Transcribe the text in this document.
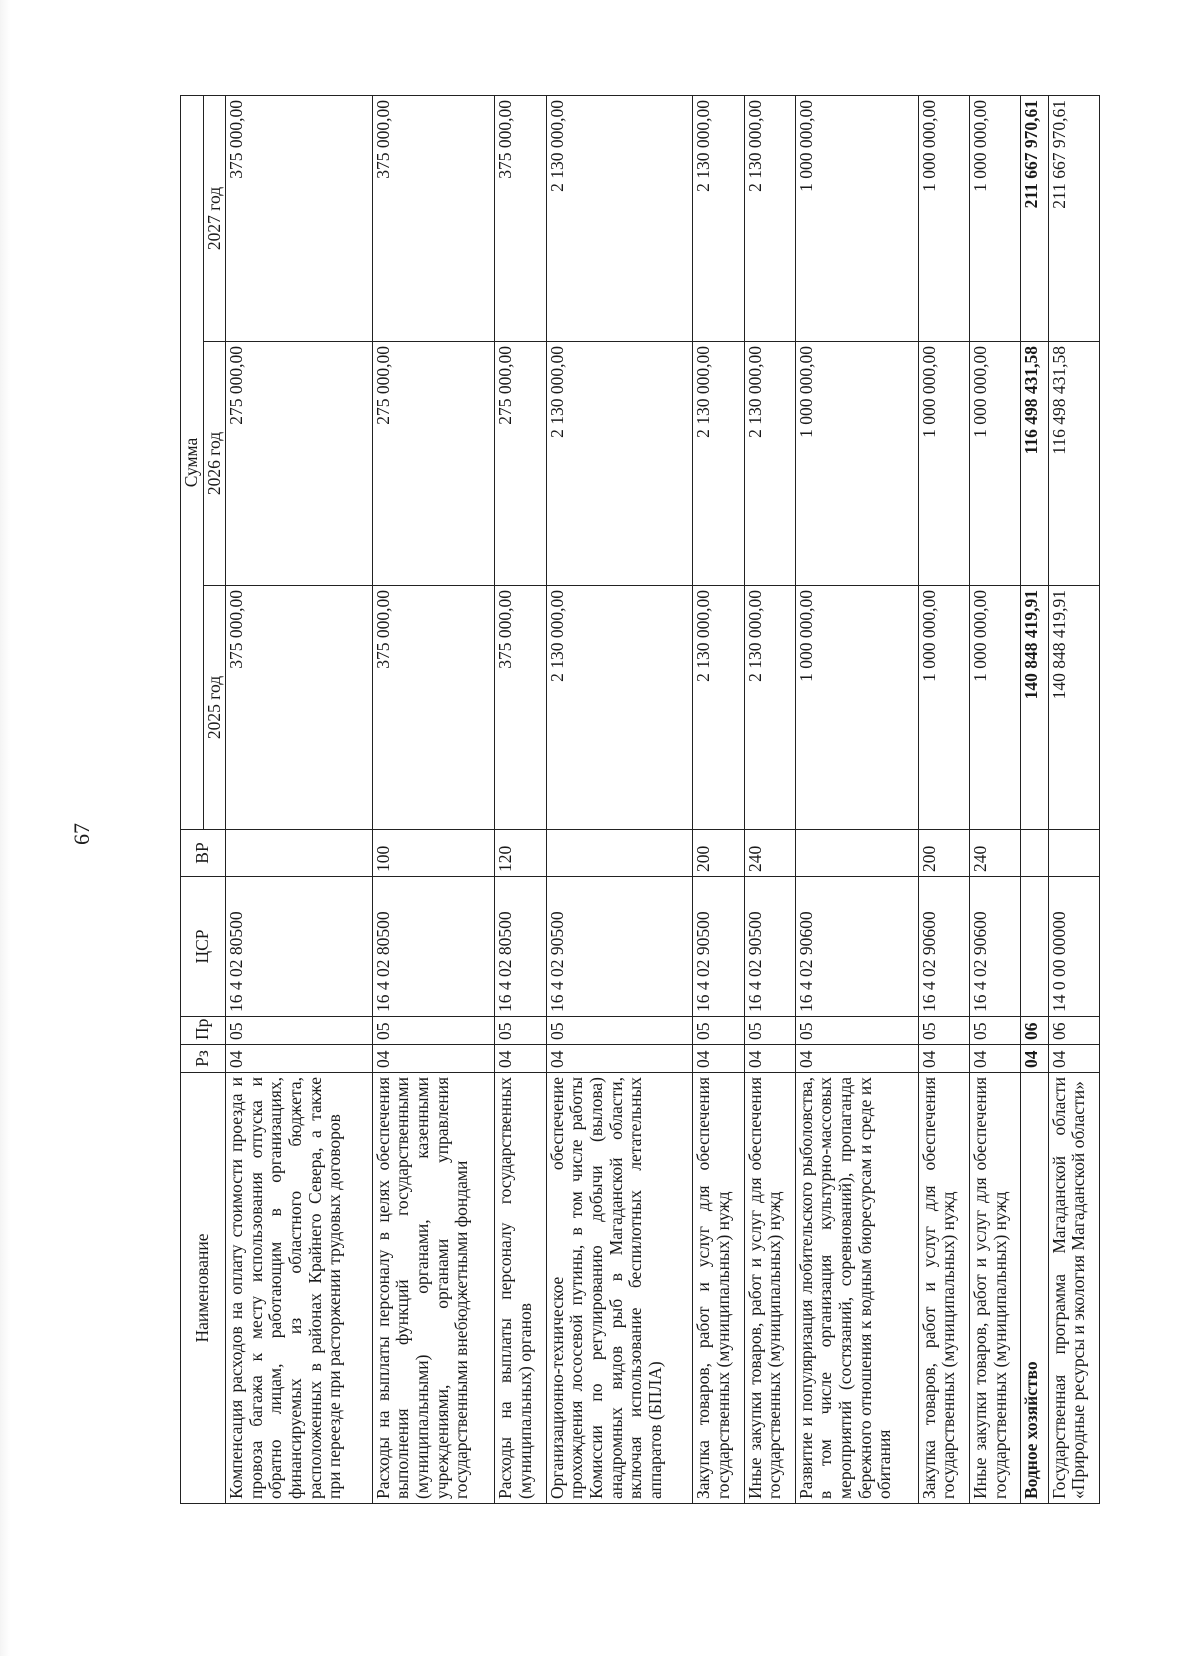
67
Наименование	Рз	Пр	ЦСР	ВР	Сумма		
					2025 год	2026 год	2027 год
Компенсация расходов на оплату стоимости проезда и провоза багажа к месту использования отпуска и обратно лицам, работающим в организациях, финансируемых из областного бюджета, расположенных в районах Крайнего Севера, а также при переезде при расторжении трудовых договоров	04	05	16 4 02 80500		375 000,00	275 000,00	375 000,00
Расходы на выплаты персоналу в целях обеспечения выполнения функций государственными (муниципальными) органами, казенными учреждениями, органами управления государственными внебюджетными фондами	04	05	16 4 02 80500	100	375 000,00	275 000,00	375 000,00
Расходы на выплаты персоналу государственных (муниципальных) органов	04	05	16 4 02 80500	120	375 000,00	275 000,00	375 000,00
Организационно-техническое обеспечение прохождения лососевой путины, в том числе работы Комиссии по регулированию добычи (вылова) анадромных видов рыб в Магаданской области, включая использование беспилотных летательных аппаратов (БПЛА)	04	05	16 4 02 90500		2 130 000,00	2 130 000,00	2 130 000,00
Закупка товаров, работ и услуг для обеспечения государственных (муниципальных) нужд	04	05	16 4 02 90500	200	2 130 000,00	2 130 000,00	2 130 000,00
Иные закупки товаров, работ и услуг для обеспечения государственных (муниципальных) нужд	04	05	16 4 02 90500	240	2 130 000,00	2 130 000,00	2 130 000,00
Развитие и популяризация любительского рыболовства, в том числе организация культурно-массовых мероприятий (состязаний, соревнований), пропаганда бережного отношения к водным биоресурсам и среде их обитания	04	05	16 4 02 90600		1 000 000,00	1 000 000,00	1 000 000,00
Закупка товаров, работ и услуг для обеспечения государственных (муниципальных) нужд	04	05	16 4 02 90600	200	1 000 000,00	1 000 000,00	1 000 000,00
Иные закупки товаров, работ и услуг для обеспечения государственных (муниципальных) нужд	04	05	16 4 02 90600	240	1 000 000,00	1 000 000,00	1 000 000,00
Водное хозяйство	04	06			140 848 419,91	116 498 431,58	211 667 970,61
Государственная программа Магаданской области «Природные ресурсы и экология Магаданской области»	04	06	14 0 00 00000		140 848 419,91	116 498 431,58	211 667 970,61
